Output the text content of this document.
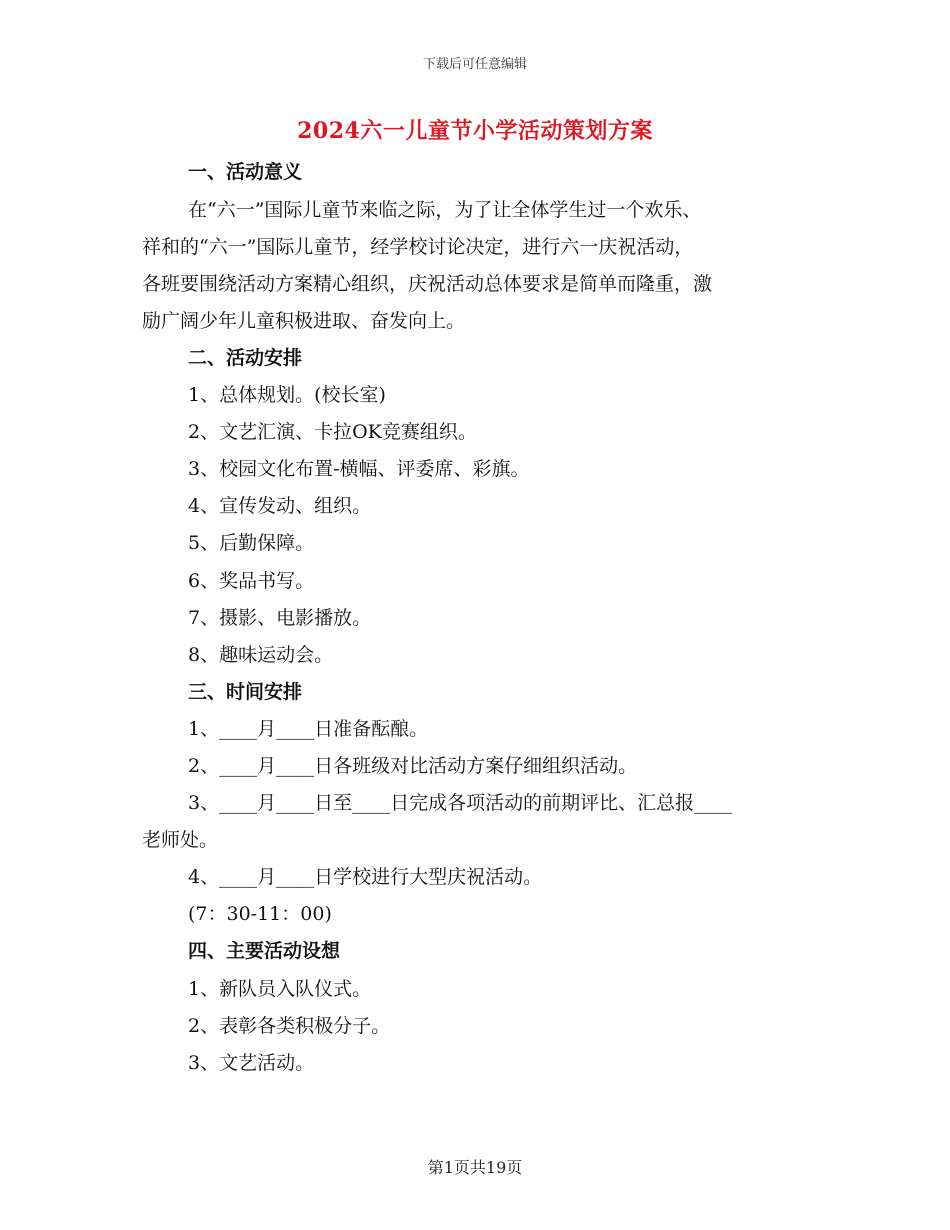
下载后可任意编辑
2024六一儿童节小学活动策划方案
一、活动意义
在“六一”国际儿童节来临之际，为了让全体学生过一个欢乐、
祥和的“六一”国际儿童节，经学校讨论决定，进行六一庆祝活动，
各班要围绕活动方案精心组织，庆祝活动总体要求是简单而隆重，激
励广阔少年儿童积极进取、奋发向上。
二、活动安排
1、总体规划。(校长室)
2、文艺汇演、卡拉OK竞赛组织。
3、校园文化布置-横幅、评委席、彩旗。
4、宣传发动、组织。
5、后勤保障。
6、奖品书写。
7、摄影、电影播放。
8、趣味运动会。
三、时间安排
1、____月____日准备酝酿。
2、____月____日各班级对比活动方案仔细组织活动。
3、____月____日至____日完成各项活动的前期评比、汇总报____
老师处。
4、____月____日学校进行大型庆祝活动。
(7：30-11：00)
四、主要活动设想
1、新队员入队仪式。
2、表彰各类积极分子。
3、文艺活动。
第1页共19页
